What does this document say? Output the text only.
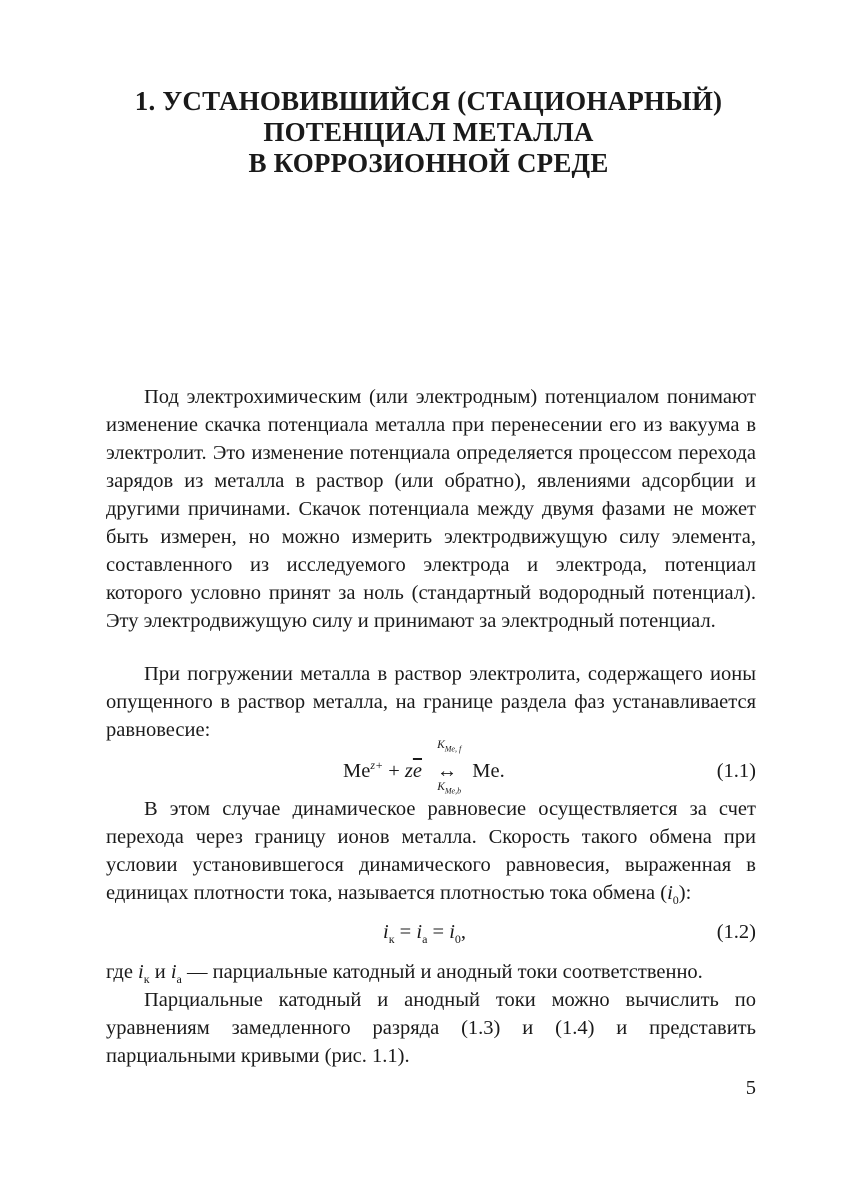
1. УСТАНОВИВШИЙСЯ (СТАЦИОНАРНЫЙ)
ПОТЕНЦИАЛ МЕТАЛЛА
В КОРРОЗИОННОЙ СРЕДЕ

Под электрохимическим (или электродным) потенциалом понимают изменение скачка потенциала металла при перенесении его из вакуума в электролит. Это изменение потенциала определяется процессом перехода зарядов из металла в раствор (или обратно), явлениями адсорбции и другими причинами. Скачок потенциала между двумя фазами не может быть измерен, но можно измерить электродвижущую силу элемента, составленного из исследуемого электрода и электрода, потенциал которого условно принят за ноль (стандартный водородный потенциал). Эту электродвижущую силу и принимают за электродный потенциал.

При погружении металла в раствор электролита, содержащего ионы опущенного в раствор металла, на границе раздела фаз устанавливается равновесие:

$Me^{z+} + z\overline{e}$
$K_{Me, f}$
↔
$K_{Me,b}$
Me.	(1.1)

В этом случае динамическое равновесие осуществляется за счет перехода через границу ионов металла. Скорость такого обмена при условии установившегося динамического равновесия, выраженная в единицах плотности тока, называется плотностью тока обмена $(i_0)$:

$i_к = i_а = i_0$,	(1.2)

где $i_к$ и $i_а$ — парциальные катодный и анодный токи соответственно.

Парциальные катодный и анодный токи можно вычислить по уравнениям замедленного разряда (1.3) и (1.4) и представить парциальными кривыми (рис. 1.1).

5
